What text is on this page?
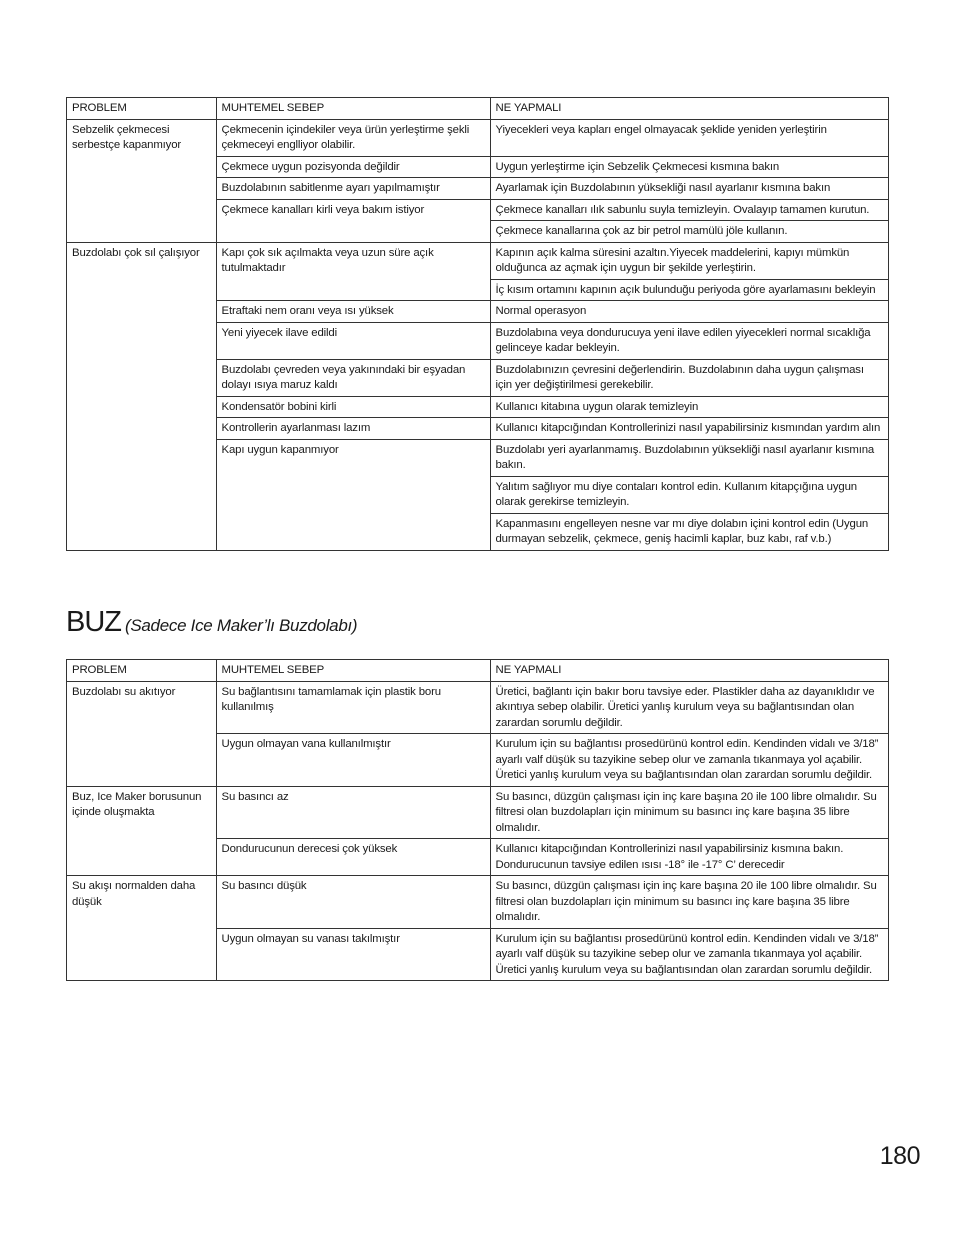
PROBLEM	MUHTEMEL SEBEP	NE YAPMALI
Sebzelik çekmecesi serbestçe kapanmıyor	Çekmecenin içindekiler veya ürün yerleştirme şekli çekmeceyi englliyor olabilir.	Yiyecekleri veya kapları engel olmayacak şeklide yeniden yerleştirin
	Çekmece uygun pozisyonda değildir	Uygun yerleştirme için Sebzelik Çekmecesi kısmına bakın
	Buzdolabının sabitlenme ayarı yapılmamıştır	Ayarlamak için Buzdolabının yüksekliği nasıl ayarlanır kısmına bakın
	Çekmece kanalları kirli veya bakım istiyor	Çekmece kanalları ılık sabunlu suyla temizleyin. Ovalayıp tamamen kurutun.
		Çekmece kanallarına çok az bir petrol mamülü jöle kullanın.
Buzdolabı çok sıl çalışıyor	Kapı çok sık açılmakta veya uzun süre açık tutulmaktadır	Kapının açık kalma süresini azaltın.Yiyecek maddelerini, kapıyı mümkün olduğunca az açmak için uygun bir şekilde yerleştirin.
		İç kısım ortamını kapının açık bulunduğu periyoda göre ayarlamasını bekleyin
	Etraftaki nem oranı veya ısı yüksek	Normal operasyon
	Yeni yiyecek ilave edildi	Buzdolabına veya dondurucuya yeni ilave edilen yiyecekleri normal sıcaklığa gelinceye kadar bekleyin.
	Buzdolabı çevreden veya yakınındaki bir eşyadan dolayı ısıya maruz kaldı	Buzdolabınızın çevresini değerlendirin. Buzdolabının daha uygun çalışması için yer değiştirilmesi gerekebilir.
	Kondensatör bobini kirli	Kullanıcı kitabına uygun olarak temizleyin
	Kontrollerin ayarlanması lazım	Kullanıcı kitapcığından Kontrollerinizi nasıl yapabilirsiniz kısmından yardım alın
	Kapı uygun kapanmıyor	Buzdolabı yeri ayarlanmamış. Buzdolabının yüksekliği nasıl ayarlanır kısmına bakın.
		Yalıtım sağlıyor mu diye contaları kontrol edin. Kullanım kitapçığına uygun olarak gerekirse temizleyin.
		Kapanmasını engelleyen nesne var mı diye dolabın içini kontrol edin (Uygun durmayan sebzelik, çekmece, geniş hacimli kaplar, buz kabı, raf v.b.)
BUZ (Sadece Ice Maker’lı Buzdolabı)
PROBLEM	MUHTEMEL SEBEP	NE YAPMALI
Buzdolabı su akıtıyor	Su bağlantısını tamamlamak için plastik boru kullanılmış	Üretici, bağlantı için bakır boru tavsiye eder. Plastikler daha az dayanıklıdır ve akıntıya sebep olabilir. Üretici yanlış kurulum veya su bağlantısından olan zarardan sorumlu değildir.
	Uygun olmayan vana kullanılmıştır	Kurulum için su bağlantısı prosedürünü kontrol edin. Kendinden vidalı ve 3/18” ayarlı valf düşük su tazyikine sebep olur ve zamanla tıkanmaya yol açabilir. Üretici yanlış kurulum veya su bağlantısından olan zarardan sorumlu değildir.
Buz, Ice Maker borusunun içinde oluşmakta	Su basıncı az	Su basıncı, düzgün çalışması için inç kare başına 20 ile 100 libre olmalıdır. Su filtresi olan buzdolapları için minimum su basıncı inç kare başına 35 libre olmalıdır.
	Dondurucunun derecesi çok yüksek	Kullanıcı kitapcığından Kontrollerinizi nasıl yapabilirsiniz kısmına bakın. Dondurucunun tavsiye edilen ısısı -18° ile -17° C’ derecedir
Su akışı normalden daha düşük	Su basıncı düşük	Su basıncı, düzgün çalışması için inç kare başına 20 ile 100 libre olmalıdır. Su filtresi olan buzdolapları için minimum su basıncı inç kare başına 35 libre olmalıdır.
	Uygun olmayan su vanası takılmıştır	Kurulum için su bağlantısı prosedürünü kontrol edin. Kendinden vidalı ve 3/18” ayarlı valf düşük su tazyikine sebep olur ve zamanla tıkanmaya yol açabilir. Üretici yanlış kurulum veya su bağlantısından olan zarardan sorumlu değildir.
180
